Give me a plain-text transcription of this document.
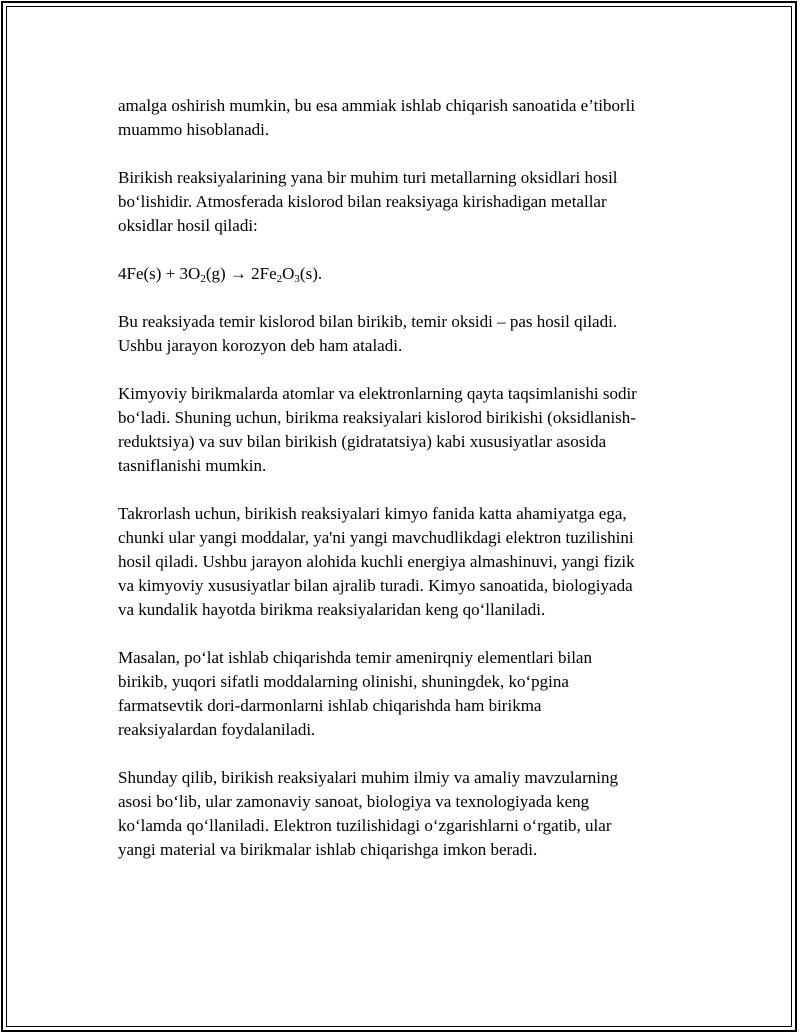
amalga oshirish mumkin, bu esa ammiak ishlab chiqarish sanoatida e’tiborli
muammo hisoblanadi.

Birikish reaksiyalarining yana bir muhim turi metallarning oksidlari hosil
bo‘lishidir. Atmosferada kislorod bilan reaksiyaga kirishadigan metallar
oksidlar hosil qiladi:

$4Fe(s) + 3O_2(g) \to 2Fe_2O_3(s)$.

Bu reaksiyada temir kislorod bilan birikib, temir oksidi – pas hosil qiladi.
Ushbu jarayon korozyon deb ham ataladi.

Kimyoviy birikmalarda atomlar va elektronlarning qayta taqsimlanishi sodir
bo‘ladi. Shuning uchun, birikma reaksiyalari kislorod birikishi (oksidlanish-
reduktsiya) va suv bilan birikish (gidratatsiya) kabi xususiyatlar asosida
tasniflanishi mumkin.

Takrorlash uchun, birikish reaksiyalari kimyo fanida katta ahamiyatga ega,
chunki ular yangi moddalar, ya'ni yangi mavchudlikdagi elektron tuzilishini
hosil qiladi. Ushbu jarayon alohida kuchli energiya almashinuvi, yangi fizik
va kimyoviy xususiyatlar bilan ajralib turadi. Kimyo sanoatida, biologiyada
va kundalik hayotda birikma reaksiyalaridan keng qo‘llaniladi.

Masalan, po‘lat ishlab chiqarishda temir amenirqniy elementlari bilan
birikib, yuqori sifatli moddalarning olinishi, shuningdek, ko‘pgina
farmatsevtik dori-darmonlarni ishlab chiqarishda ham birikma
reaksiyalardan foydalaniladi.

Shunday qilib, birikish reaksiyalari muhim ilmiy va amaliy mavzularning
asosi bo‘lib, ular zamonaviy sanoat, biologiya va texnologiyada keng
ko‘lamda qo‘llaniladi. Elektron tuzilishidagi o‘zgarishlarni o‘rgatib, ular
yangi material va birikmalar ishlab chiqarishga imkon beradi.
